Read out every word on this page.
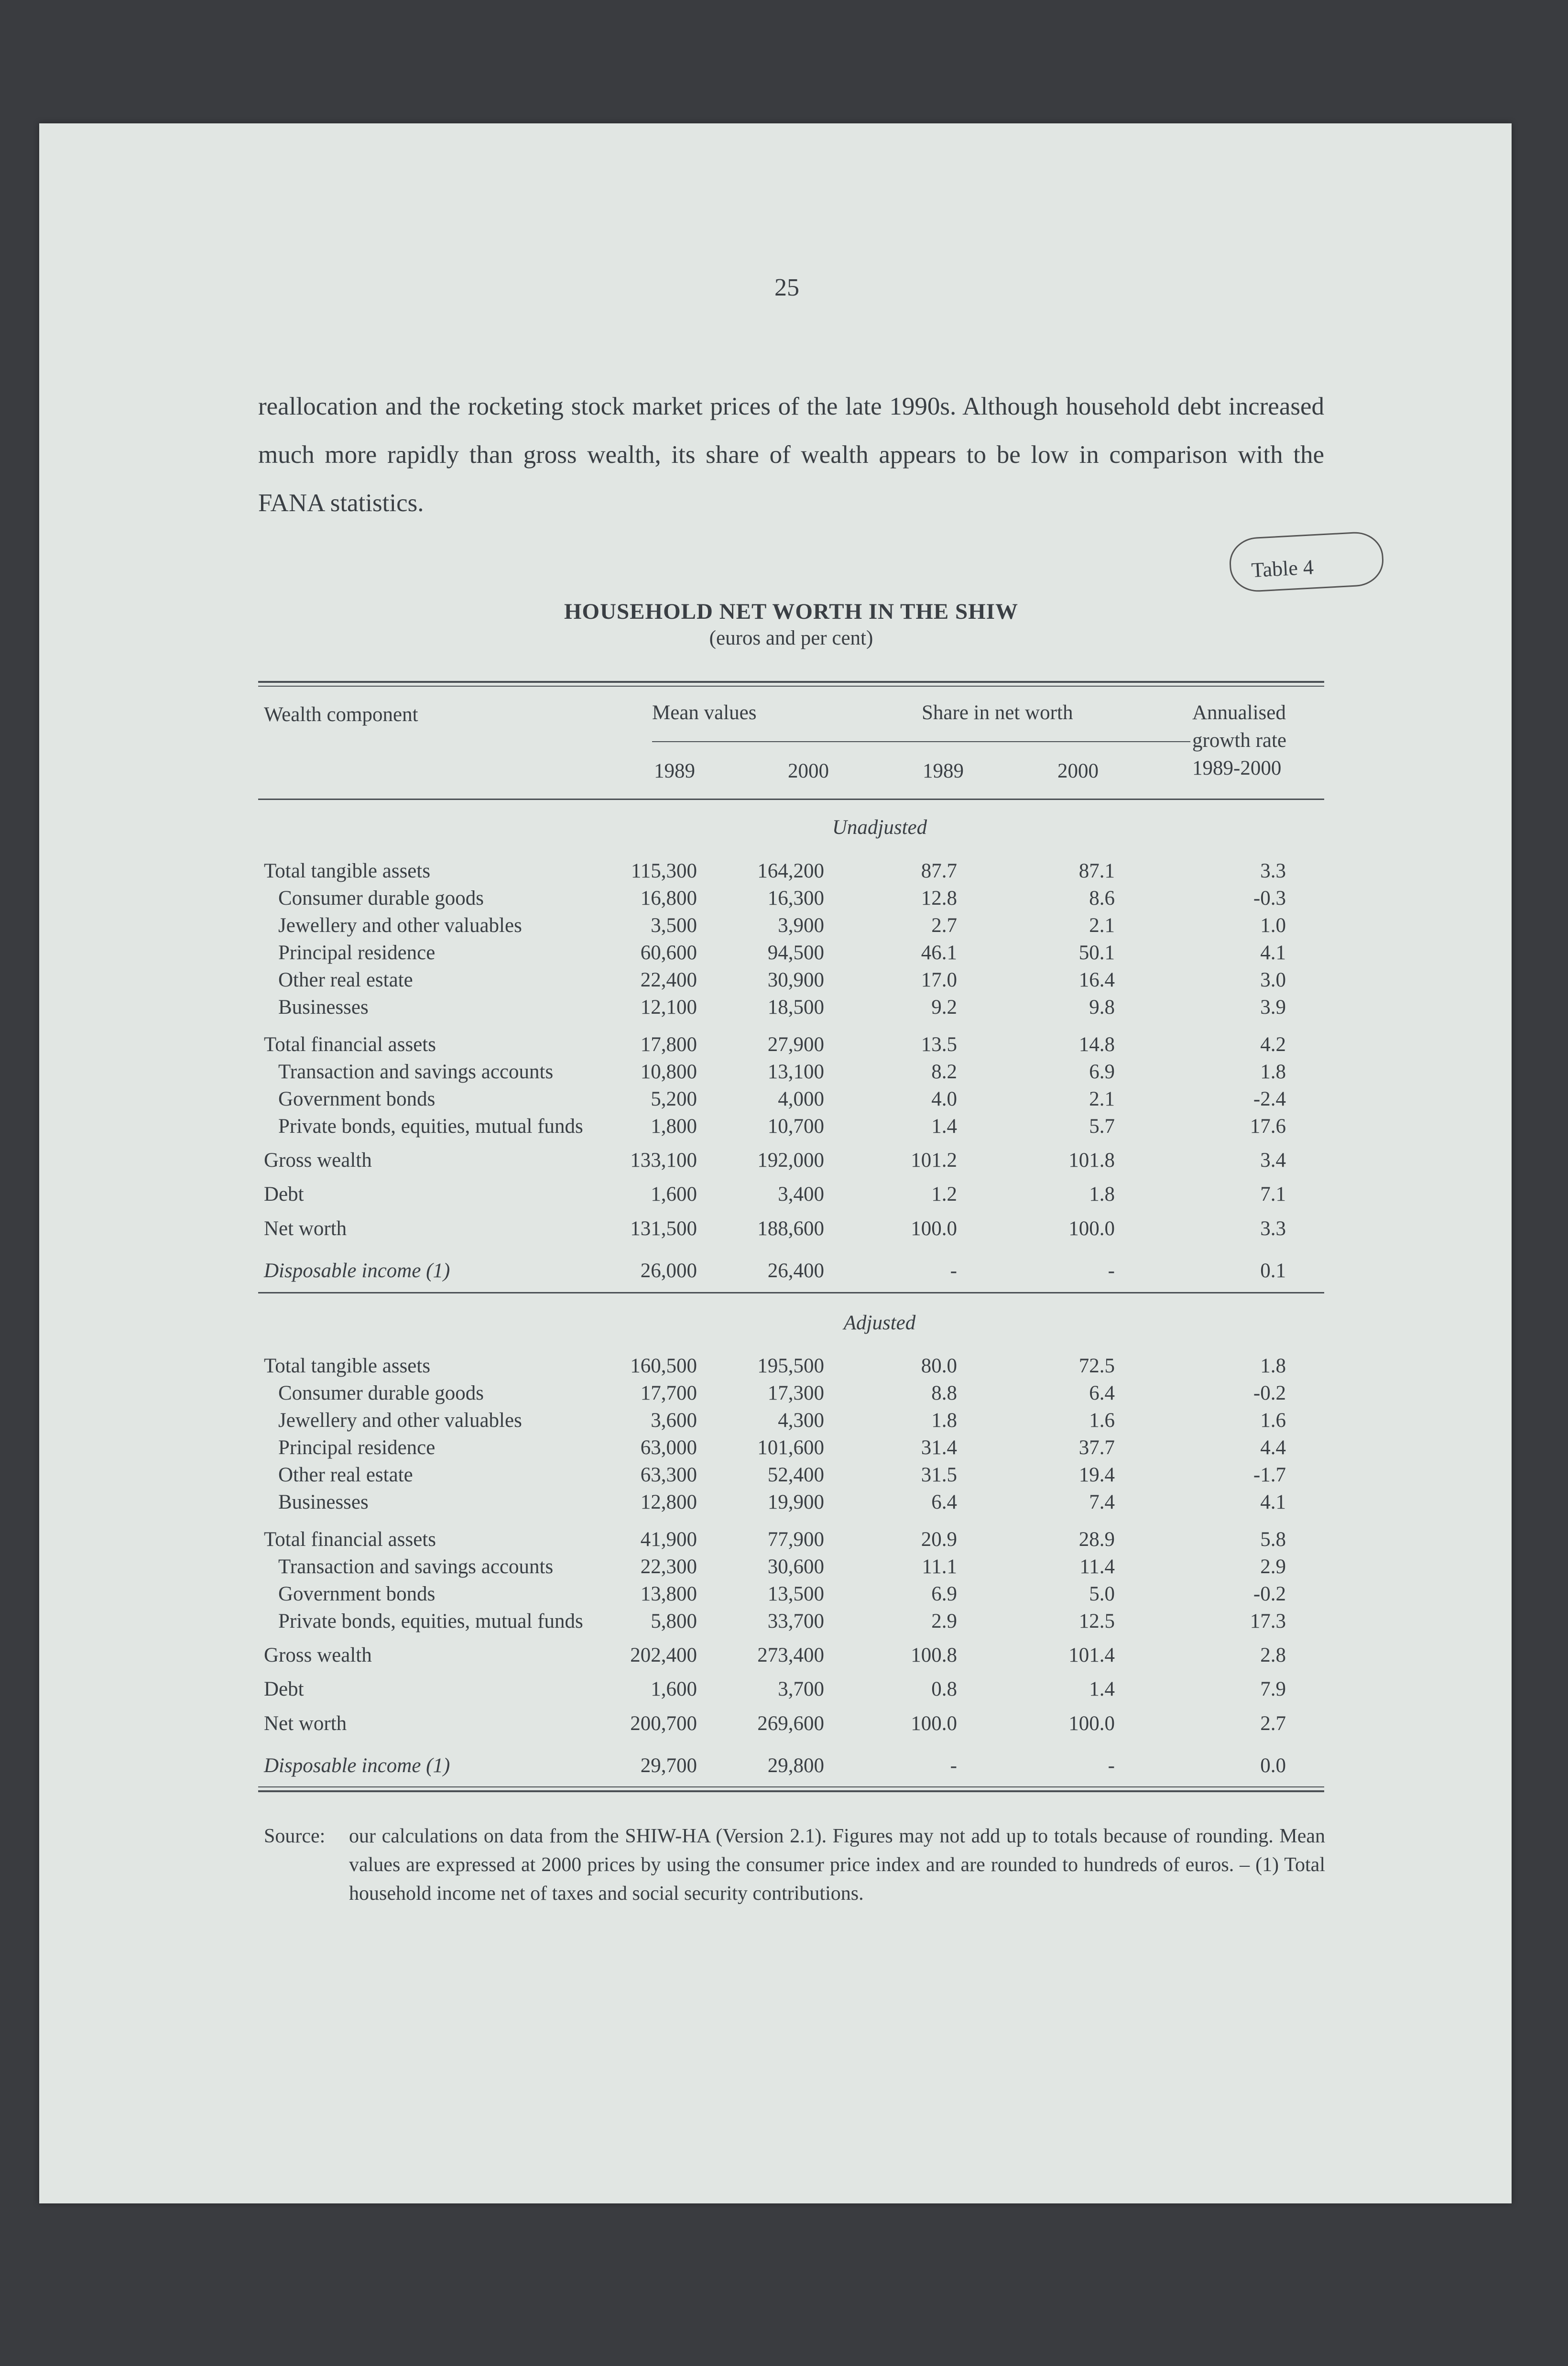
25

reallocation and the rocketing stock market prices of the late 1990s. Although household debt increased much more rapidly than gross wealth, its share of wealth appears to be low in comparison with the FANA statistics.

Table 4
HOUSEHOLD NET WORTH IN THE SHIW
(euros and per cent)
Wealth component	Mean values	Share in net worth	Annualised
growth rate
1989-2000
1989	2000	1989	2000
Unadjusted
Adjusted
Total tangible assets	115,300	164,200	87.7	87.1	3.3
Consumer durable goods	16,800	16,300	12.8	8.6	-0.3
Jewellery and other valuables	3,500	3,900	2.7	2.1	1.0
Principal residence	60,600	94,500	46.1	50.1	4.1
Other real estate	22,400	30,900	17.0	16.4	3.0
Businesses	12,100	18,500	9.2	9.8	3.9
Total financial assets	17,800	27,900	13.5	14.8	4.2
Transaction and savings accounts	10,800	13,100	8.2	6.9	1.8
Government bonds	5,200	4,000	4.0	2.1	-2.4
Private bonds, equities, mutual funds	1,800	10,700	1.4	5.7	17.6
Gross wealth	133,100	192,000	101.2	101.8	3.4
Debt	1,600	3,400	1.2	1.8	7.1
Net worth	131,500	188,600	100.0	100.0	3.3
Disposable income (1)	26,000	26,400	-	-	0.1
Total tangible assets	160,500	195,500	80.0	72.5	1.8
Consumer durable goods	17,700	17,300	8.8	6.4	-0.2
Jewellery and other valuables	3,600	4,300	1.8	1.6	1.6
Principal residence	63,000	101,600	31.4	37.7	4.4
Other real estate	63,300	52,400	31.5	19.4	-1.7
Businesses	12,800	19,900	6.4	7.4	4.1
Total financial assets	41,900	77,900	20.9	28.9	5.8
Transaction and savings accounts	22,300	30,600	11.1	11.4	2.9
Government bonds	13,800	13,500	6.9	5.0	-0.2
Private bonds, equities, mutual funds	5,800	33,700	2.9	12.5	17.3
Gross wealth	202,400	273,400	100.8	101.4	2.8
Debt	1,600	3,700	0.8	1.4	7.9
Net worth	200,700	269,600	100.0	100.0	2.7
Disposable income (1)	29,700	29,800	-	-	0.0
Source: our calculations on data from the SHIW-HA (Version 2.1). Figures may not add up to totals because of rounding. Mean values are expressed at 2000 prices by using the consumer price index and are rounded to hundreds of euros. – (1) Total household income net of taxes and social security contributions.
